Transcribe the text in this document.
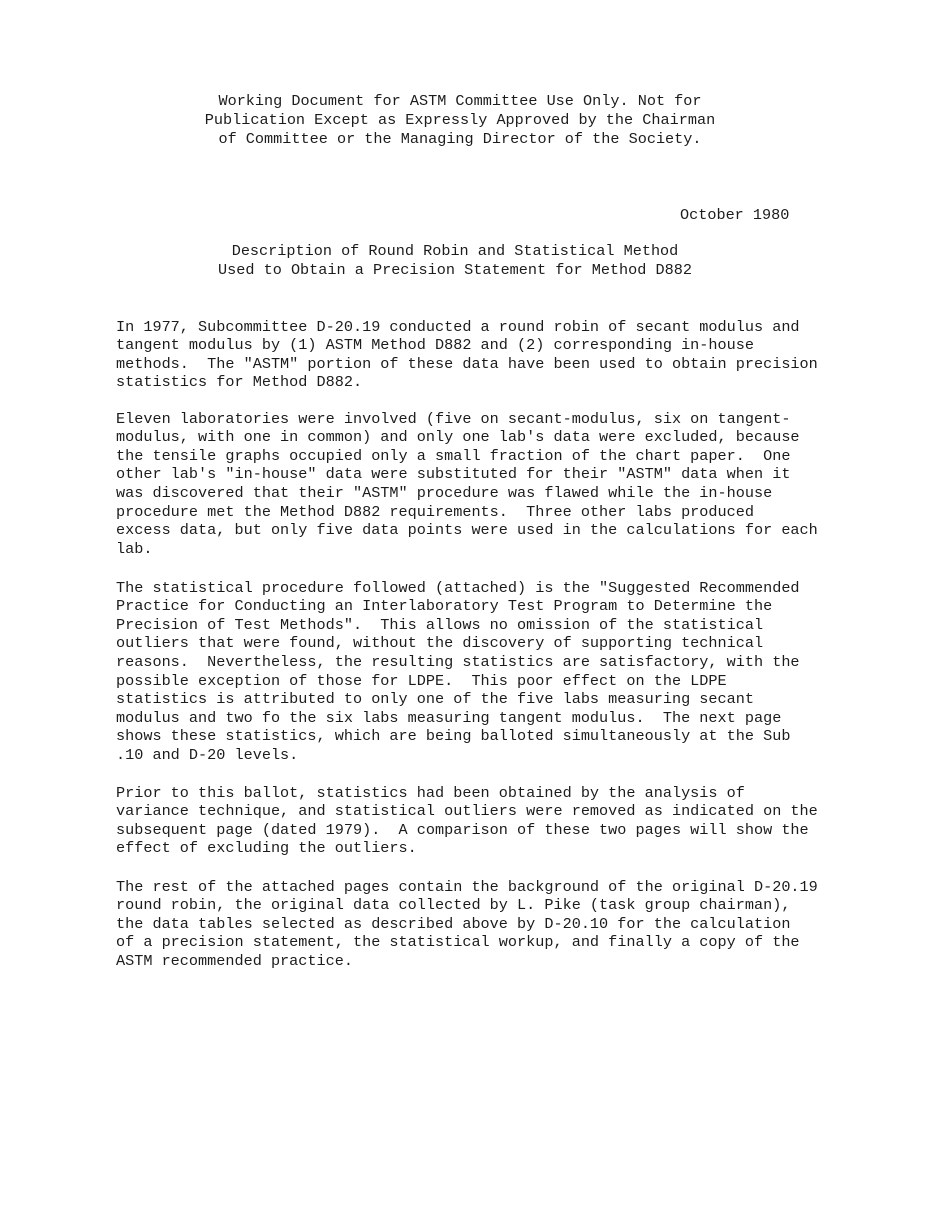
Working Document for ASTM Committee Use Only. Not for
Publication Except as Expressly Approved by the Chairman
of Committee or the Managing Director of the Society.
October 1980
Description of Round Robin and Statistical Method
Used to Obtain a Precision Statement for Method D882

In 1977, Subcommittee D-20.19 conducted a round robin of secant modulus and
tangent modulus by (1) ASTM Method D882 and (2) corresponding in-house
methods.  The "ASTM" portion of these data have been used to obtain precision
statistics for Method D882.

Eleven laboratories were involved (five on secant-modulus, six on tangent-
modulus, with one in common) and only one lab's data were excluded, because
the tensile graphs occupied only a small fraction of the chart paper.  One
other lab's "in-house" data were substituted for their "ASTM" data when it
was discovered that their "ASTM" procedure was flawed while the in-house
procedure met the Method D882 requirements.  Three other labs produced
excess data, but only five data points were used in the calculations for each
lab.

The statistical procedure followed (attached) is the "Suggested Recommended
Practice for Conducting an Interlaboratory Test Program to Determine the
Precision of Test Methods".  This allows no omission of the statistical
outliers that were found, without the discovery of supporting technical
reasons.  Nevertheless, the resulting statistics are satisfactory, with the
possible exception of those for LDPE.  This poor effect on the LDPE
statistics is attributed to only one of the five labs measuring secant
modulus and two fo the six labs measuring tangent modulus.  The next page
shows these statistics, which are being balloted simultaneously at the Sub
.10 and D-20 levels.

Prior to this ballot, statistics had been obtained by the analysis of
variance technique, and statistical outliers were removed as indicated on the
subsequent page (dated 1979).  A comparison of these two pages will show the
effect of excluding the outliers.

The rest of the attached pages contain the background of the original D-20.19
round robin, the original data collected by L. Pike (task group chairman),
the data tables selected as described above by D-20.10 for the calculation
of a precision statement, the statistical workup, and finally a copy of the
ASTM recommended practice.
